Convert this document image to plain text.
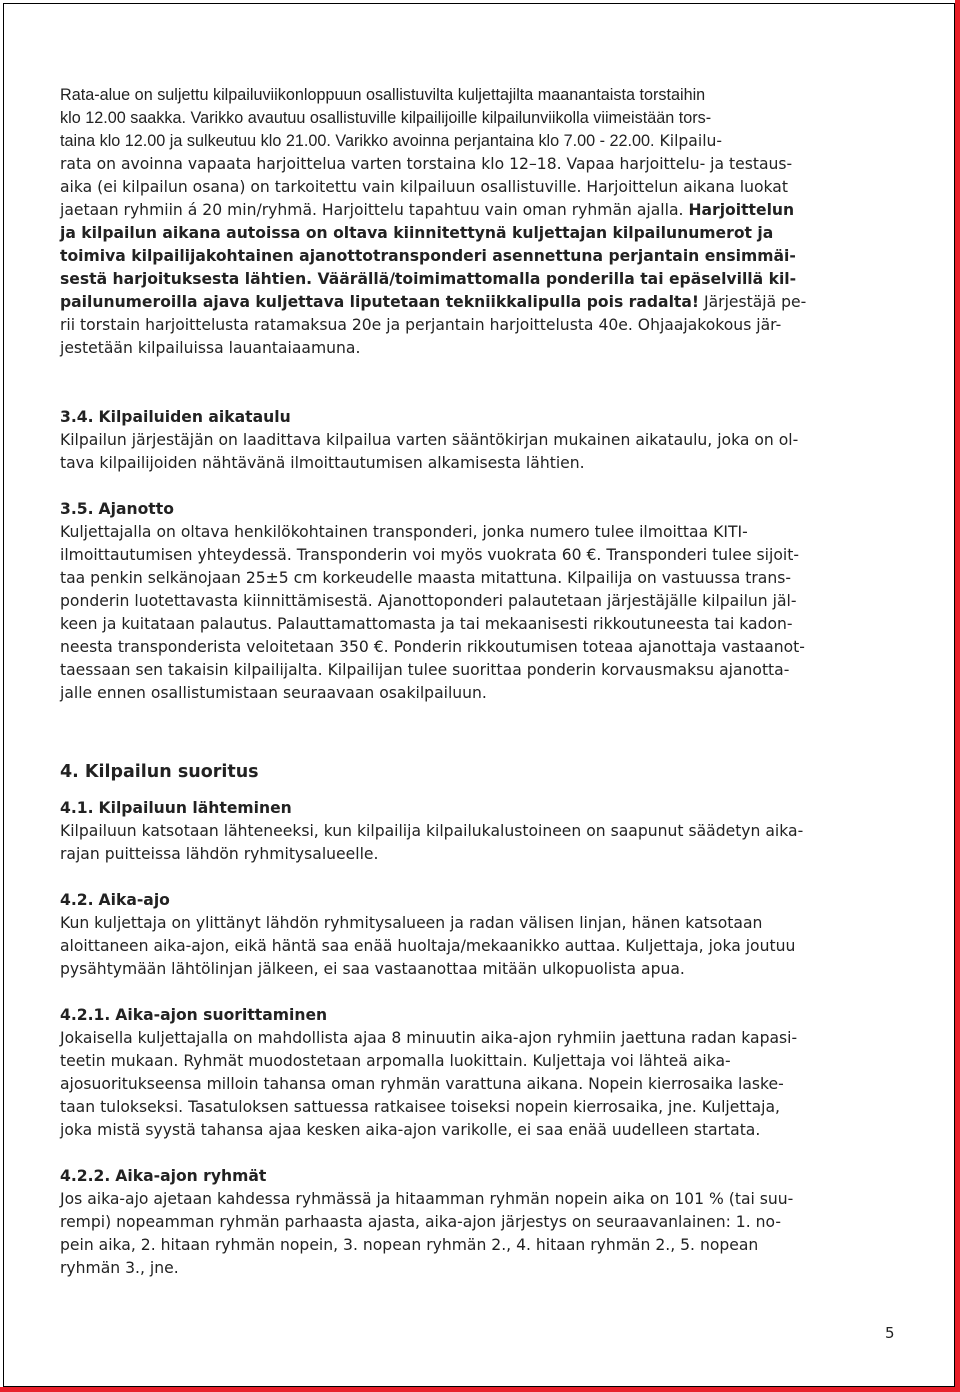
Rata-alue on suljettu kilpailuviikonloppuun osallistuvilta kuljettajilta maanantaista torstaihin
klo 12.00 saakka. Varikko avautuu osallistuville kilpailijoille kilpailunviikolla viimeistään tors-
taina klo 12.00 ja sulkeutuu klo 21.00. Varikko avoinna perjantaina klo 7.00 - 22.00. Kilpailu-
rata on avoinna vapaata harjoittelua varten torstaina klo 12–18. Vapaa harjoittelu- ja testaus-
aika (ei kilpailun osana) on tarkoitettu vain kilpailuun osallistuville. Harjoittelun aikana luokat
jaetaan ryhmiin á 20 min/ryhmä. Harjoittelu tapahtuu vain oman ryhmän ajalla. Harjoittelun
ja kilpailun aikana autoissa on oltava kiinnitettynä kuljettajan kilpailunumerot ja
toimiva kilpailijakohtainen ajanottotransponderi asennettuna perjantain ensimmäi-
sestä harjoituksesta lähtien. Väärällä/toimimattomalla ponderilla tai epäselvillä kil-
pailunumeroilla ajava kuljettava liputetaan tekniikkalipulla pois radalta! Järjestäjä pe-
rii torstain harjoittelusta ratamaksua 20e ja perjantain harjoittelusta 40e. Ohjaajakokous jär-
jestetään kilpailuissa lauantaiaamuna.
3.4. Kilpailuiden aikataulu
Kilpailun järjestäjän on laadittava kilpailua varten sääntökirjan mukainen aikataulu, joka on ol-
tava kilpailijoiden nähtävänä ilmoittautumisen alkamisesta lähtien.
3.5. Ajanotto
Kuljettajalla on oltava henkilökohtainen transponderi, jonka numero tulee ilmoittaa KITI-
ilmoittautumisen yhteydessä. Transponderin voi myös vuokrata 60 €. Transponderi tulee sijoit-
taa penkin selkänojaan 25±5 cm korkeudelle maasta mitattuna. Kilpailija on vastuussa trans-
ponderin luotettavasta kiinnittämisestä. Ajanottoponderi palautetaan järjestäjälle kilpailun jäl-
keen ja kuitataan palautus. Palauttamattomasta ja tai mekaanisesti rikkoutuneesta tai kadon-
neesta transponderista veloitetaan 350 €. Ponderin rikkoutumisen toteaa ajanottaja vastaanot-
taessaan sen takaisin kilpailijalta. Kilpailijan tulee suorittaa ponderin korvausmaksu ajanotta-
jalle ennen osallistumistaan seuraavaan osakilpailuun.
4. Kilpailun suoritus
4.1. Kilpailuun lähteminen
Kilpailuun katsotaan lähteneeksi, kun kilpailija kilpailukalustoineen on saapunut säädetyn aika-
rajan puitteissa lähdön ryhmitysalueelle.
4.2. Aika-ajo
Kun kuljettaja on ylittänyt lähdön ryhmitysalueen ja radan välisen linjan, hänen katsotaan
aloittaneen aika-ajon, eikä häntä saa enää huoltaja/mekaanikko auttaa. Kuljettaja, joka joutuu
pysähtymään lähtölinjan jälkeen, ei saa vastaanottaa mitään ulkopuolista apua.
4.2.1. Aika-ajon suorittaminen
Jokaisella kuljettajalla on mahdollista ajaa 8 minuutin aika-ajon ryhmiin jaettuna radan kapasi-
teetin mukaan. Ryhmät muodostetaan arpomalla luokittain. Kuljettaja voi lähteä aika-
ajosuoritukseensa milloin tahansa oman ryhmän varattuna aikana. Nopein kierrosaika laske-
taan tulokseksi. Tasatuloksen sattuessa ratkaisee toiseksi nopein kierrosaika, jne. Kuljettaja,
joka mistä syystä tahansa ajaa kesken aika-ajon varikolle, ei saa enää uudelleen startata.
4.2.2. Aika-ajon ryhmät
Jos aika-ajo ajetaan kahdessa ryhmässä ja hitaamman ryhmän nopein aika on 101 % (tai suu-
rempi) nopeamman ryhmän parhaasta ajasta, aika-ajon järjestys on seuraavanlainen: 1. no-
pein aika, 2. hitaan ryhmän nopein, 3. nopean ryhmän 2., 4. hitaan ryhmän 2., 5. nopean
ryhmän 3., jne.
5
